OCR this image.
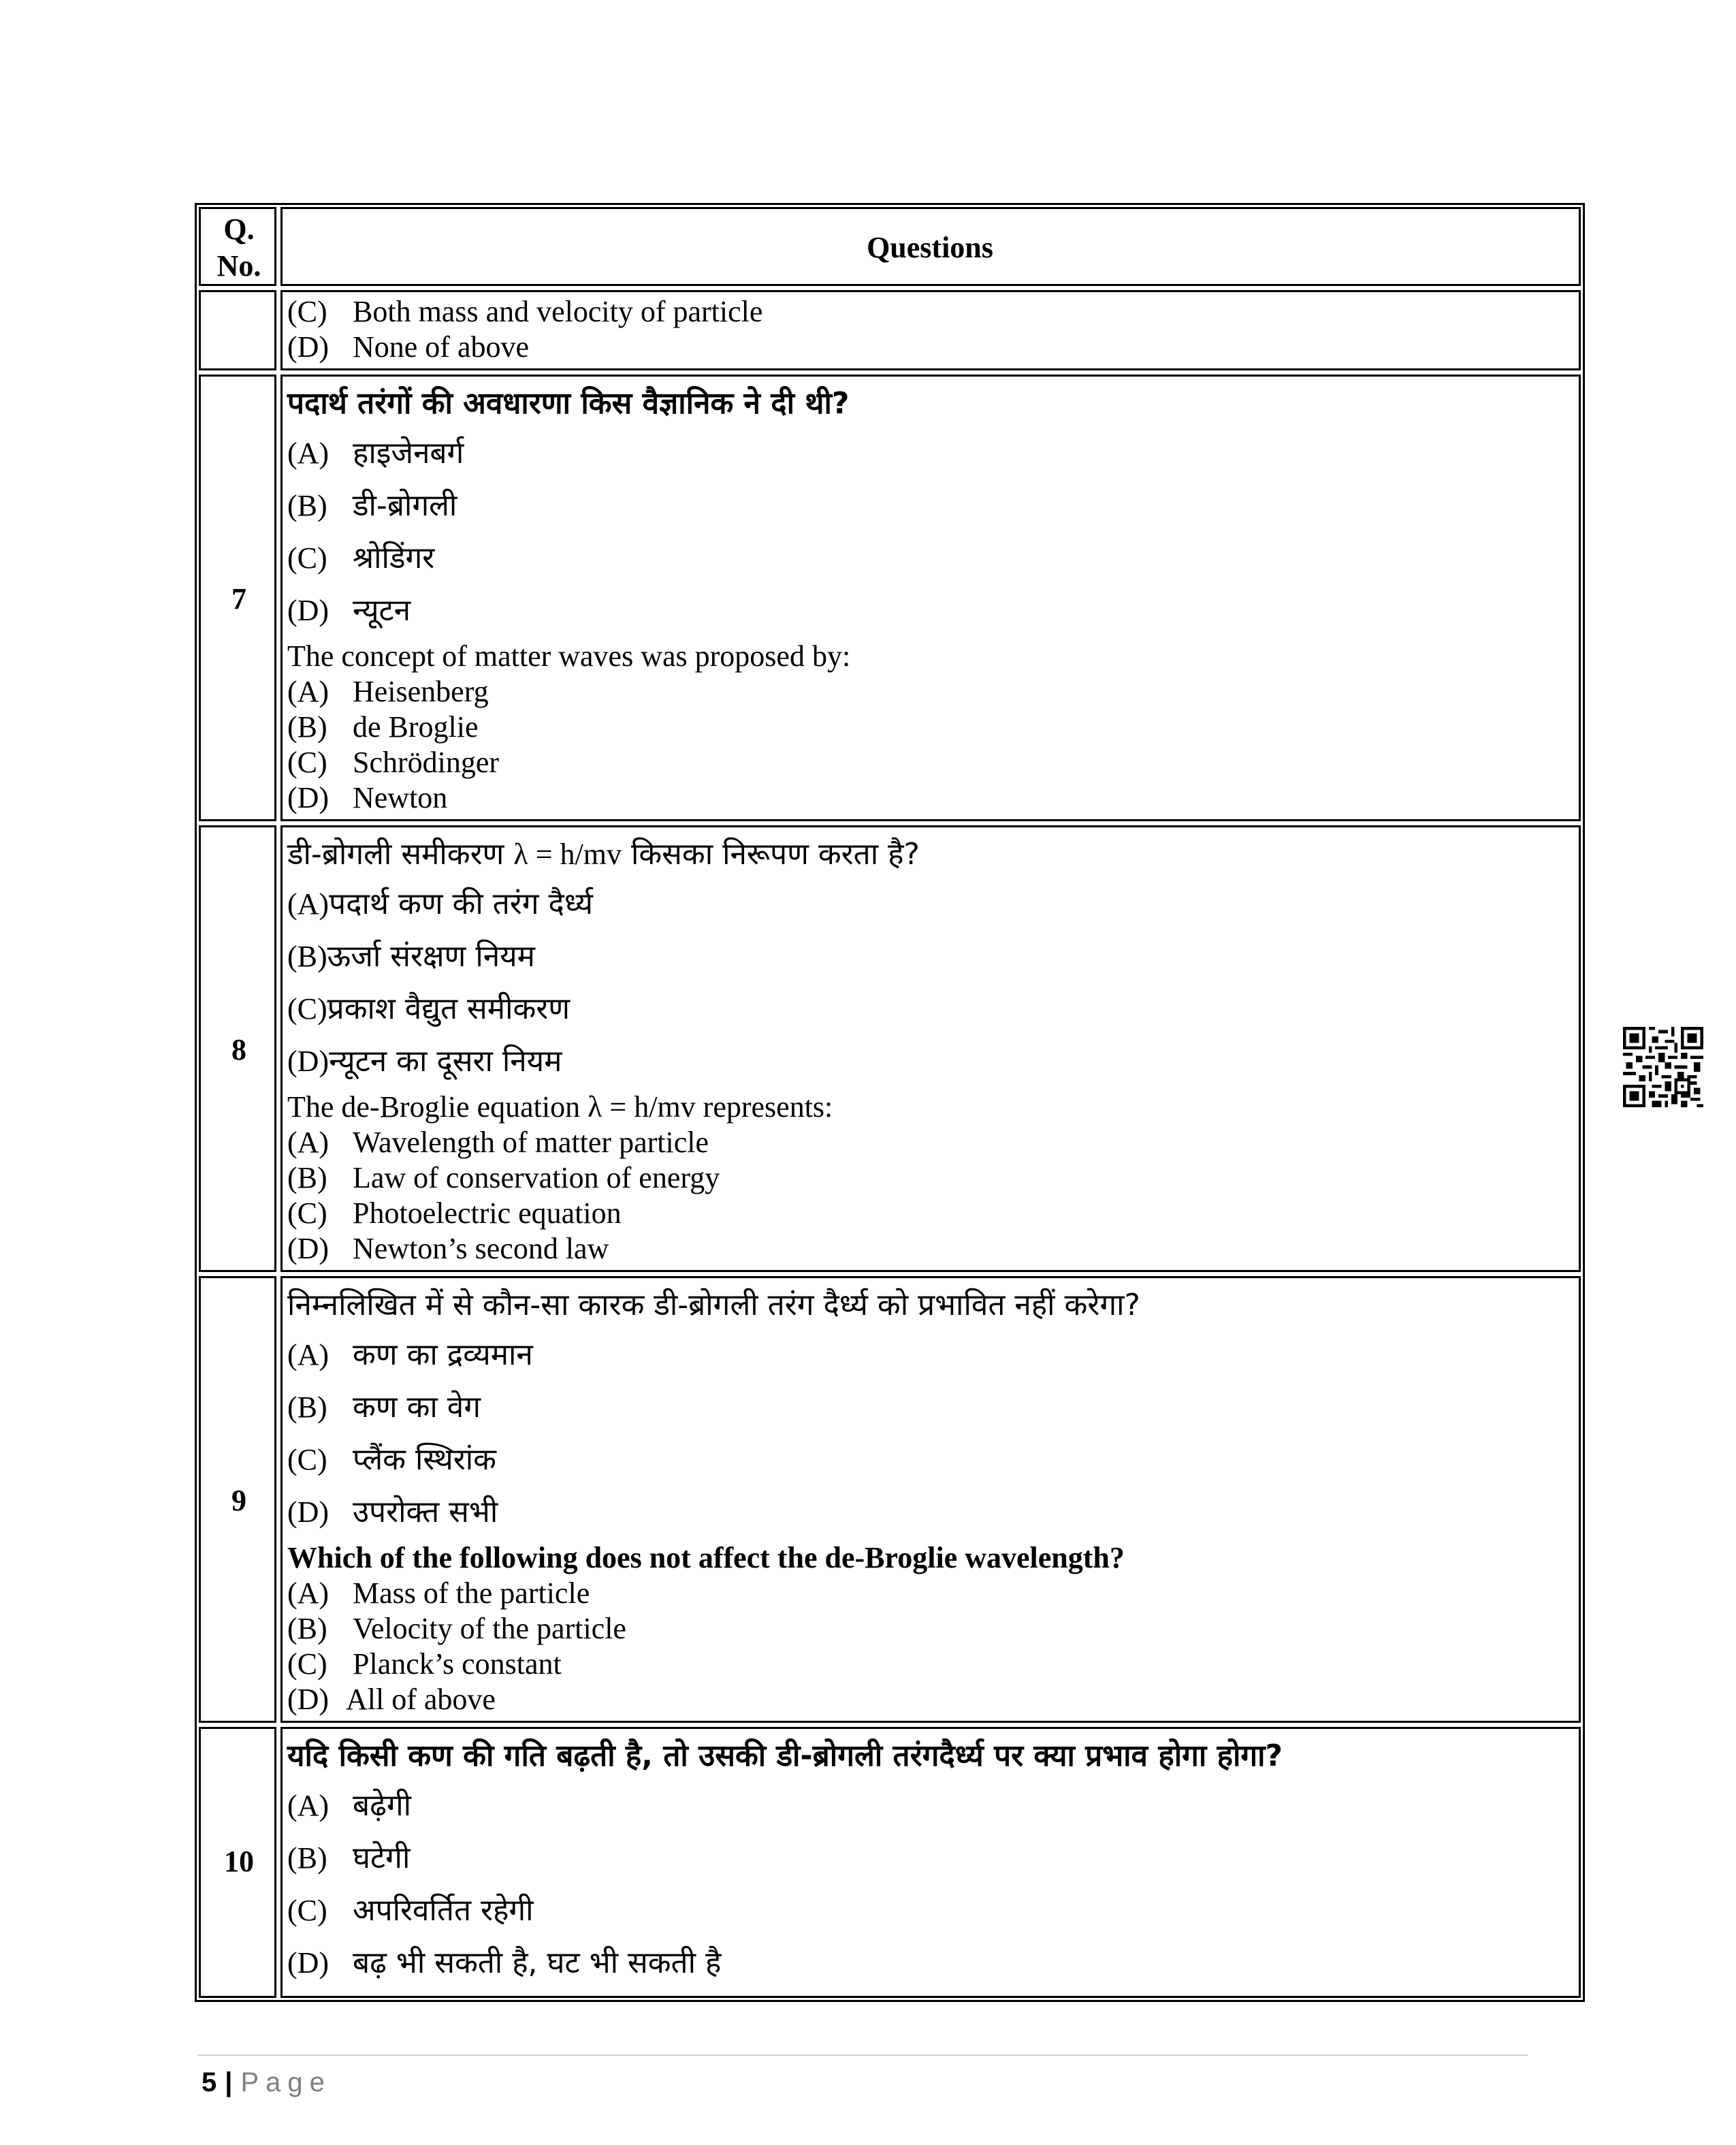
Q.
No.
Questions
(C) Both mass and velocity of particle
(D) None of above
7
पदार्थ तरंगों की अवधारणा किस वैज्ञानिक ने दी थी?
(A) हाइजेनबर्ग
(B) डी-ब्रोगली
(C) श्रोडिंगर
(D) न्यूटन
The concept of matter waves was proposed by:
(A) Heisenberg
(B) de Broglie
(C) Schrödinger
(D) Newton
8
डी-ब्रोगली समीकरण λ = h/mv किसका निरूपण करता है?
(A)पदार्थ कण की तरंग दैर्ध्य
(B)ऊर्जा संरक्षण नियम
(C)प्रकाश वैद्युत समीकरण
(D)न्यूटन का दूसरा नियम
The de-Broglie equation λ = h/mv represents:
(A) Wavelength of matter particle
(B) Law of conservation of energy
(C) Photoelectric equation
(D) Newton’s second law
9
निम्नलिखित में से कौन-सा कारक डी-ब्रोगली तरंग दैर्ध्य को प्रभावित नहीं करेगा?
(A) कण का द्रव्यमान
(B) कण का वेग
(C) प्लैंक स्थिरांक
(D) उपरोक्त सभी
Which of the following does not affect the de-Broglie wavelength?
(A) Mass of the particle
(B) Velocity of the particle
(C) Planck’s constant
(D) All of above
10
यदि किसी कण की गति बढ़ती है, तो उसकी डी-ब्रोगली तरंगदैर्ध्य पर क्या प्रभाव होगा होगा?
(A) बढ़ेगी
(B) घटेगी
(C) अपरिवर्तित रहेगी
(D) बढ़ भी सकती है, घट भी सकती है
5 | Page
